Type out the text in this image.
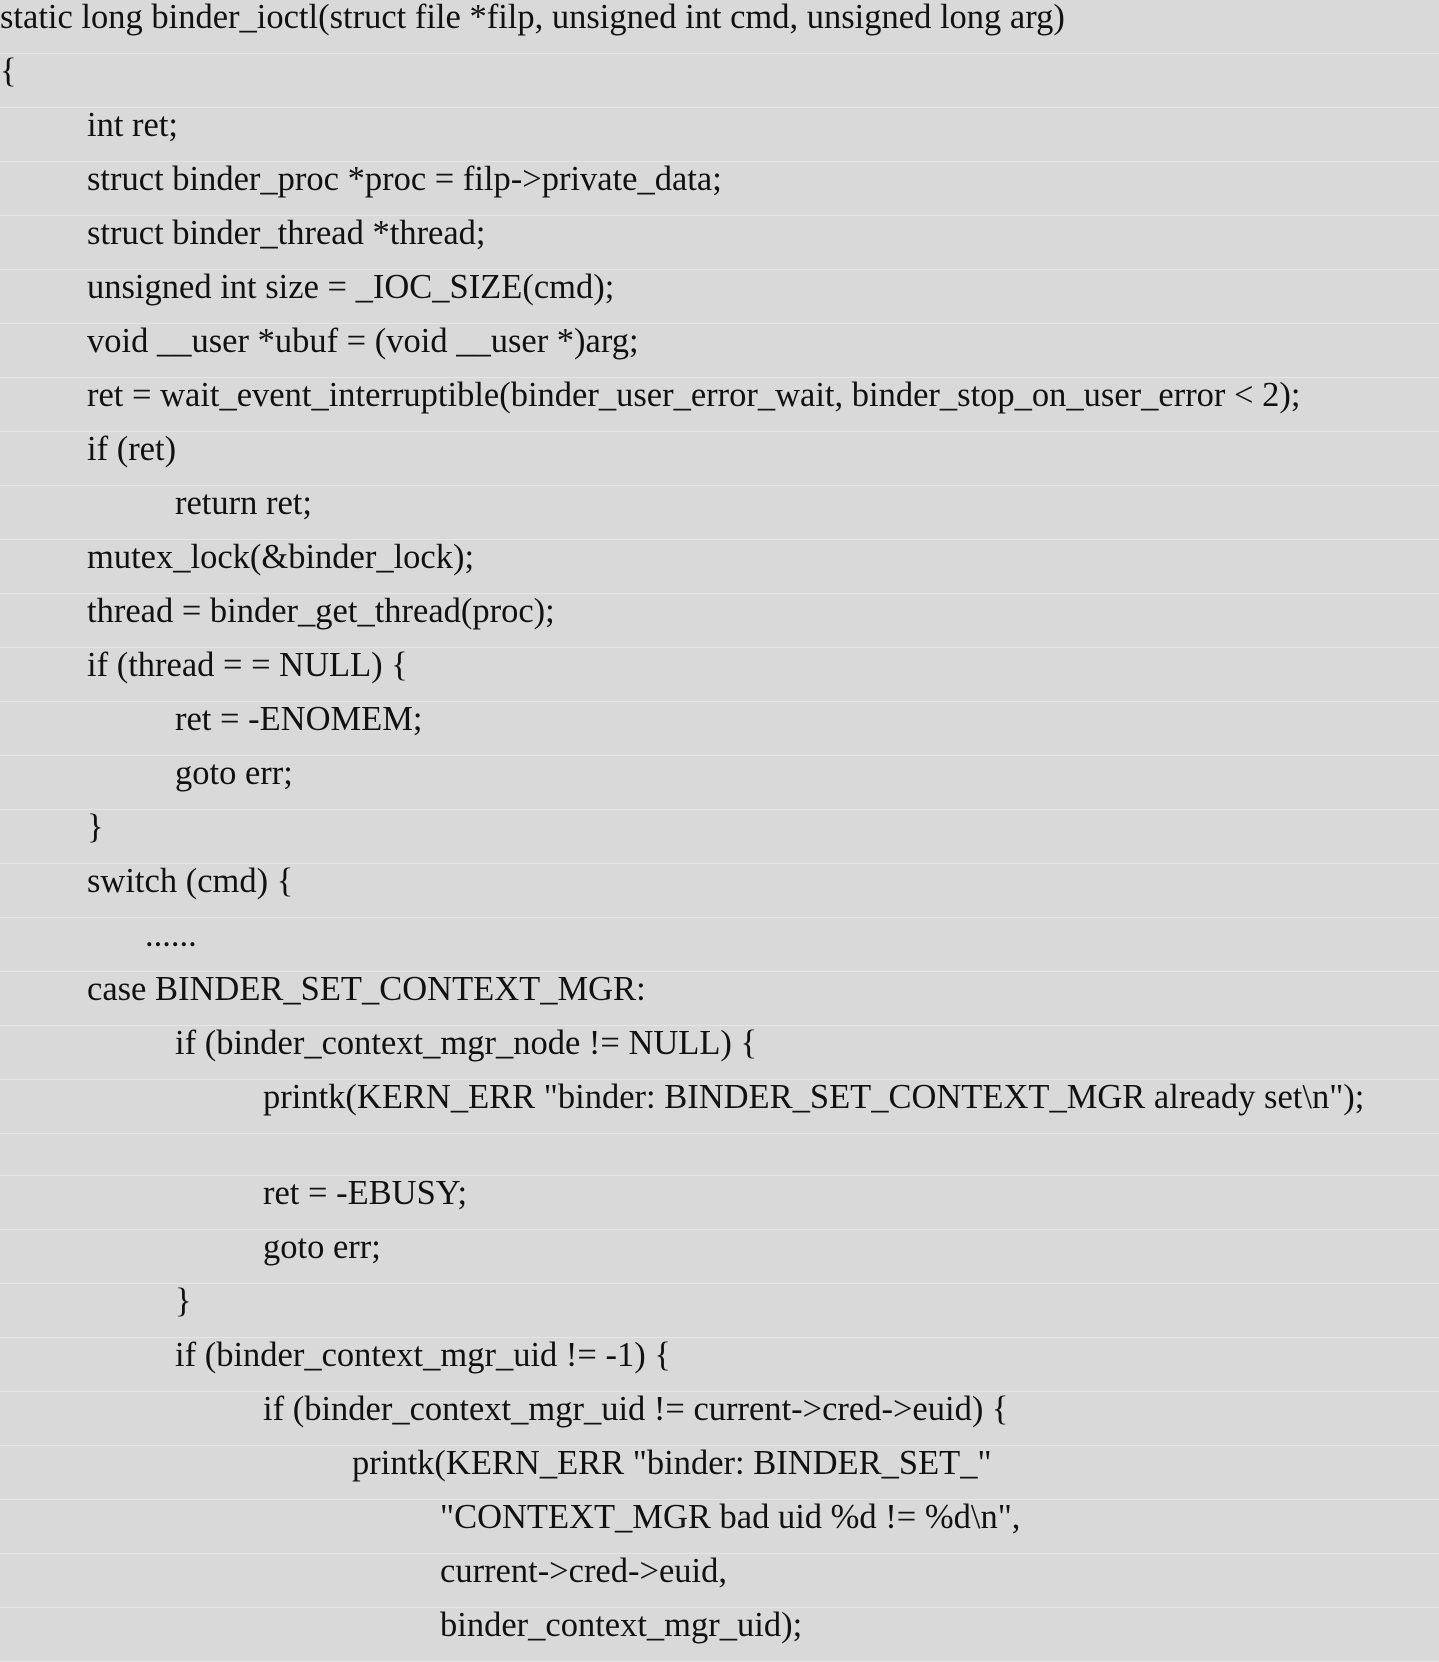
static long binder_ioctl(struct file *filp, unsigned int cmd, unsigned long arg)
{
int ret;
struct binder_proc *proc = filp->private_data;
struct binder_thread *thread;
unsigned int size = _IOC_SIZE(cmd);
void __user *ubuf = (void __user *)arg;
ret = wait_event_interruptible(binder_user_error_wait, binder_stop_on_user_error < 2);
if (ret)
return ret;
mutex_lock(&binder_lock);
thread = binder_get_thread(proc);
if (thread = = NULL) {
ret = -ENOMEM;
goto err;
}
switch (cmd) {
......
case BINDER_SET_CONTEXT_MGR:
if (binder_context_mgr_node != NULL) {
printk(KERN_ERR "binder: BINDER_SET_CONTEXT_MGR already set\n");
ret = -EBUSY;
goto err;
}
if (binder_context_mgr_uid != -1) {
if (binder_context_mgr_uid != current->cred->euid) {
printk(KERN_ERR "binder: BINDER_SET_"
"CONTEXT_MGR bad uid %d != %d\n",
current->cred->euid,
binder_context_mgr_uid);
